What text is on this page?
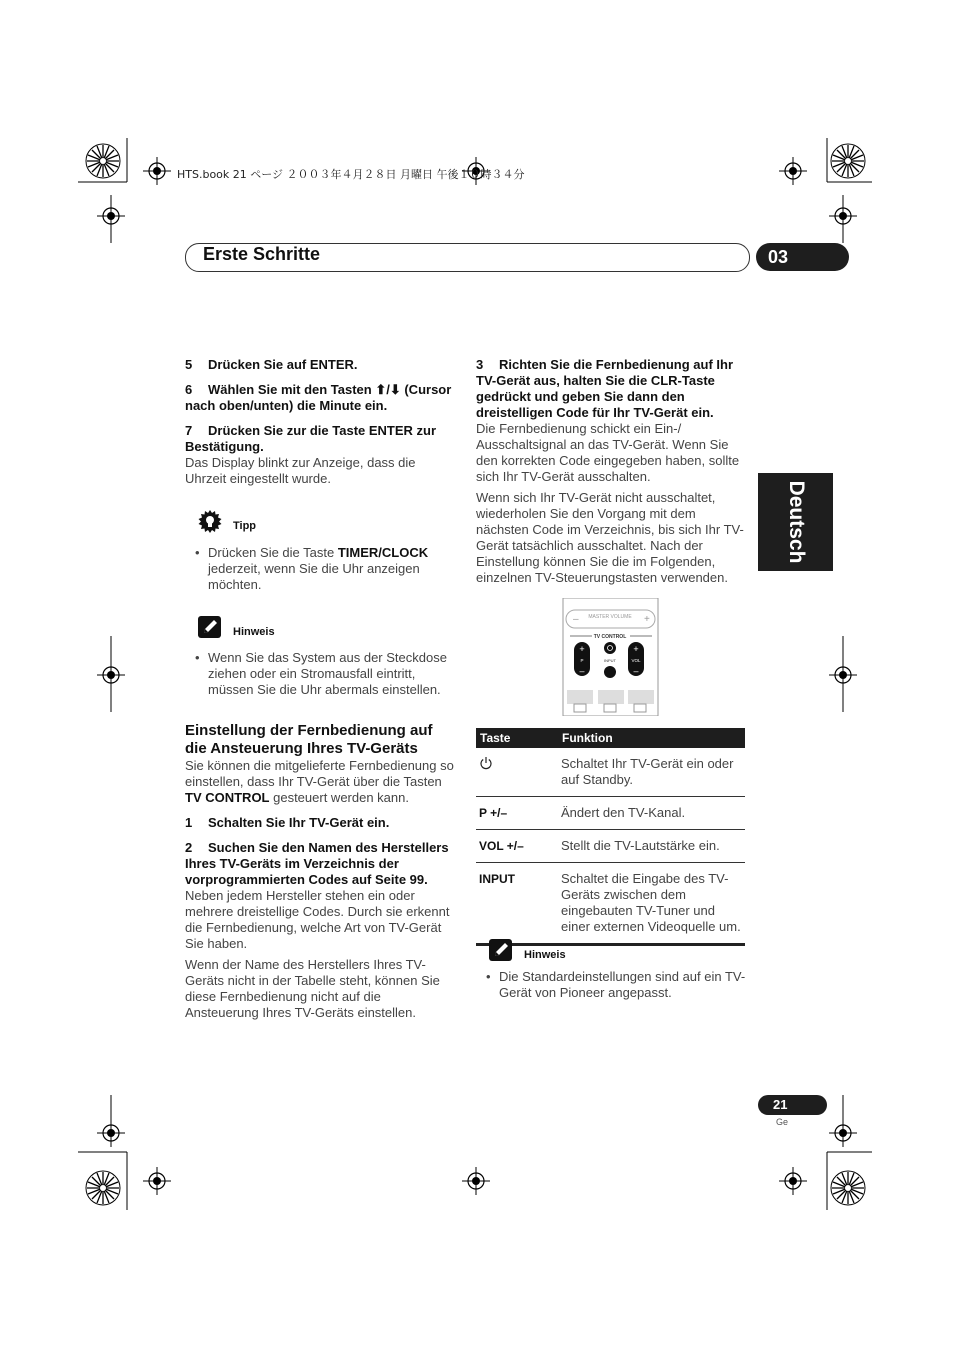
HTS.book 21 ページ ２００３年４月２８日 月曜日 午後１０時３４分
Erste Schritte	03
Deutsch

5 Drücken Sie auf ENTER.

6 Wählen Sie mit den Tasten ⬆/⬇ (Cursor nach oben/unten) die Minute ein.

7 Drücken Sie zur die Taste ENTER zur Bestätigung.

Das Display blinkt zur Anzeige, dass die Uhrzeit eingestellt wurde.

Tipp

• Drücken Sie die Taste TIMER/CLOCK jederzeit, wenn Sie die Uhr anzeigen möchten.

Hinweis

• Wenn Sie das System aus der Steckdose ziehen oder ein Stromausfall eintritt, müssen Sie die Uhr abermals einstellen.

Einstellung der Fernbedienung auf die Ansteuerung Ihres TV-Geräts

Sie können die mitgelieferte Fernbedienung so einstellen, dass Ihr TV-Gerät über die Tasten TV CONTROL gesteuert werden kann.

1 Schalten Sie Ihr TV-Gerät ein.

2 Suchen Sie den Namen des Herstellers Ihres TV-Geräts im Verzeichnis der vorprogrammierten Codes auf Seite 99.

Neben jedem Hersteller stehen ein oder mehrere dreistellige Codes. Durch sie erkennt die Fernbedienung, welche Art von TV-Gerät Sie haben.

Wenn der Name des Herstellers Ihres TV-Geräts nicht in der Tabelle steht, können Sie diese Fernbedienung nicht auf die Ansteuerung Ihres TV-Geräts einstellen.

3 Richten Sie die Fernbedienung auf Ihr TV-Gerät aus, halten Sie die CLR-Taste gedrückt und geben Sie dann den dreistelligen Code für Ihr TV-Gerät ein.

Die Fernbedienung schickt ein Ein-/ Ausschaltsignal an das TV-Gerät. Wenn Sie den korrekten Code eingegeben haben, sollte sich Ihr TV-Gerät ausschalten.

Wenn sich Ihr TV-Gerät nicht ausschaltet, wiederholen Sie den Vorgang mit dem nächsten Code im Verzeichnis, bis sich Ihr TV-Gerät tatsächlich ausschaltet. Nach der Einstellung können Sie die im Folgenden, einzelnen TV-Steuerungstasten verwenden.

MASTER VOLUME
–	+
TV CONTROL
+
–
+
–
P	VOL
INPUT
Taste	Funktion
	Schaltet Ihr TV-Gerät ein oder auf Standby.
P +/–	Ändert den TV-Kanal.
VOL +/–	Stellt die TV-Lautstärke ein.
INPUT	Schaltet die Eingabe des TV-Geräts zwischen dem eingebauten TV-Tuner und einer externen Videoquelle um.
Hinweis

• Die Standardeinstellungen sind auf ein TV-Gerät von Pioneer angepasst.

21
Ge
